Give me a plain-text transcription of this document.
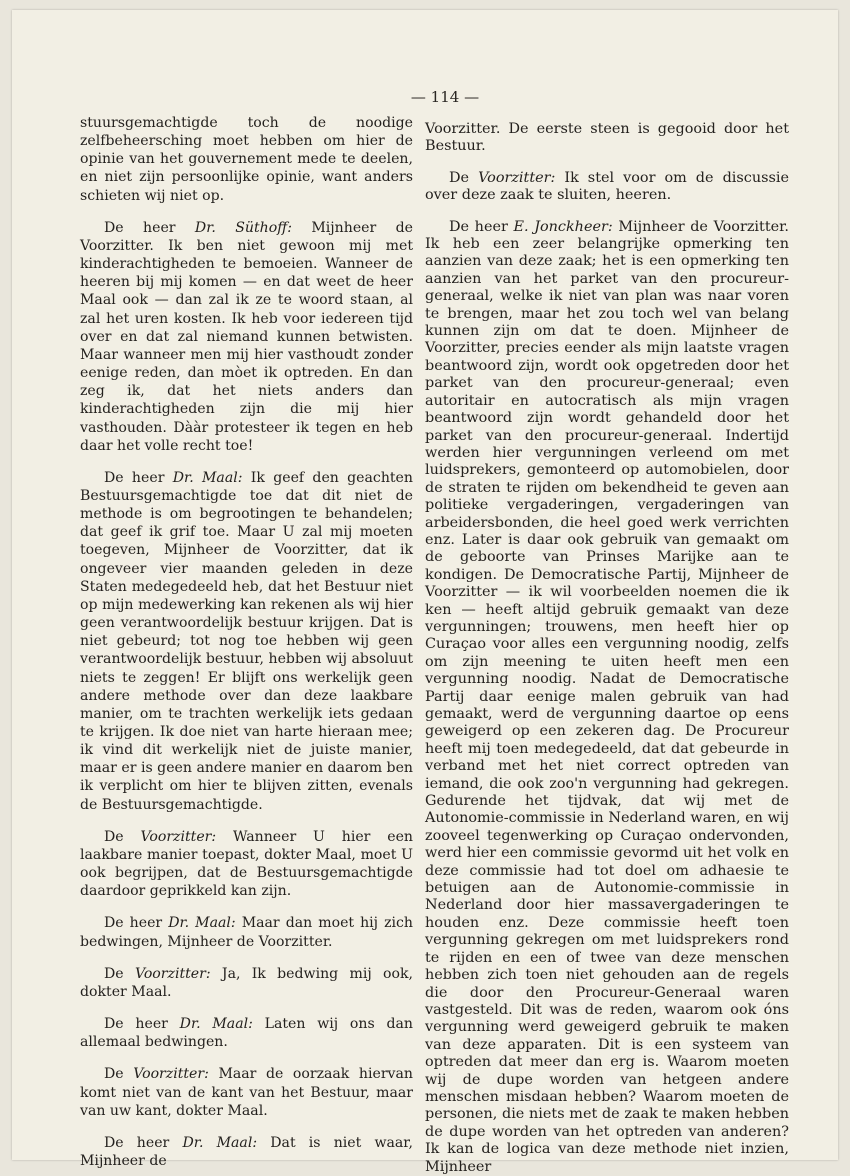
— 114 —

stuursgemachtigde toch de noodige zelfbeheersching moet hebben om hier de opinie van het gouvernement mede te deelen, en niet zijn persoonlijke opinie, want anders schieten wij niet op.

De heer Dr. Süthoff: Mijnheer de Voorzitter. Ik ben niet gewoon mij met kinderachtigheden te bemoeien. Wanneer de heeren bij mij komen — en dat weet de heer Maal ook — dan zal ik ze te woord staan, al zal het uren kosten. Ik heb voor iedereen tijd over en dat zal niemand kunnen betwisten. Maar wanneer men mij hier vasthoudt zonder eenige reden, dan mòet ik optreden. En dan zeg ik, dat het niets anders dan kinderachtigheden zijn die mij hier vasthouden. Dààr protesteer ik tegen en heb daar het volle recht toe!

De heer Dr. Maal: Ik geef den geachten Bestuursgemachtigde toe dat dit niet de methode is om begrootingen te behandelen; dat geef ik grif toe. Maar U zal mij moeten toegeven, Mijnheer de Voorzitter, dat ik ongeveer vier maanden geleden in deze Staten medegedeeld heb, dat het Bestuur niet op mijn medewerking kan rekenen als wij hier geen verantwoordelijk bestuur krijgen. Dat is niet gebeurd; tot nog toe hebben wij geen verantwoordelijk bestuur, hebben wij absoluut niets te zeggen! Er blijft ons werkelijk geen andere methode over dan deze laakbare manier, om te trachten werkelijk iets gedaan te krijgen. Ik doe niet van harte hieraan mee; ik vind dit werkelijk niet de juiste manier, maar er is geen andere manier en daarom ben ik verplicht om hier te blijven zitten, evenals de Bestuursgemachtigde.

De Voorzitter: Wanneer U hier een laakbare manier toepast, dokter Maal, moet U ook begrijpen, dat de Bestuursgemachtigde daardoor geprikkeld kan zijn.

De heer Dr. Maal: Maar dan moet hij zich bedwingen, Mijnheer de Voorzitter.

De Voorzitter: Ja, Ik bedwing mij ook, dokter Maal.

De heer Dr. Maal: Laten wij ons dan allemaal bedwingen.

De Voorzitter: Maar de oorzaak hiervan komt niet van de kant van het Bestuur, maar van uw kant, dokter Maal.

De heer Dr. Maal: Dat is niet waar, Mijnheer de

Voorzitter. De eerste steen is gegooid door het Bestuur.

De Voorzitter: Ik stel voor om de discussie over deze zaak te sluiten, heeren.

De heer E. Jonckheer: Mijnheer de Voorzitter. Ik heb een zeer belangrijke opmerking ten aanzien van deze zaak; het is een opmerking ten aanzien van het parket van den procureur-generaal, welke ik niet van plan was naar voren te brengen, maar het zou toch wel van belang kunnen zijn om dat te doen. Mijnheer de Voorzitter, precies eender als mijn laatste vragen beantwoord zijn, wordt ook opgetreden door het parket van den procureur-generaal; even autoritair en autocratisch als mijn vragen beantwoord zijn wordt gehandeld door het parket van den procureur-generaal. Indertijd werden hier vergunningen verleend om met luidsprekers, gemonteerd op automobielen, door de straten te rijden om bekendheid te geven aan politieke vergaderingen, vergaderingen van arbeidersbonden, die heel goed werk verrichten enz. Later is daar ook gebruik van gemaakt om de geboorte van Prinses Marijke aan te kondigen. De Democratische Partij, Mijnheer de Voorzitter — ik wil voorbeelden noemen die ik ken — heeft altijd gebruik gemaakt van deze vergunningen; trouwens, men heeft hier op Curaçao voor alles een vergunning noodig, zelfs om zijn meening te uiten heeft men een vergunning noodig. Nadat de Democratische Partij daar eenige malen gebruik van had gemaakt, werd de vergunning daartoe op eens geweigerd op een zekeren dag. De Procureur heeft mij toen medegedeeld, dat dat gebeurde in verband met het niet correct optreden van iemand, die ook zoo'n vergunning had gekregen. Gedurende het tijdvak, dat wij met de Autonomie-commissie in Nederland waren, en wij zooveel tegenwerking op Curaçao ondervonden, werd hier een commissie gevormd uit het volk en deze commissie had tot doel om adhaesie te betuigen aan de Autonomie-commissie in Nederland door hier massavergaderingen te houden enz. Deze commissie heeft toen vergunning gekregen om met luidsprekers rond te rijden en een of twee van deze menschen hebben zich toen niet gehouden aan de regels die door den Procureur-Generaal waren vastgesteld. Dit was de reden, waarom ook óns vergunning werd geweigerd gebruik te maken van deze apparaten. Dit is een systeem van optreden dat meer dan erg is. Waarom moeten wij de dupe worden van hetgeen andere menschen misdaan hebben? Waarom moeten de personen, die niets met de zaak te maken hebben de dupe worden van het optreden van anderen? Ik kan de logica van deze methode niet inzien, Mijnheer
